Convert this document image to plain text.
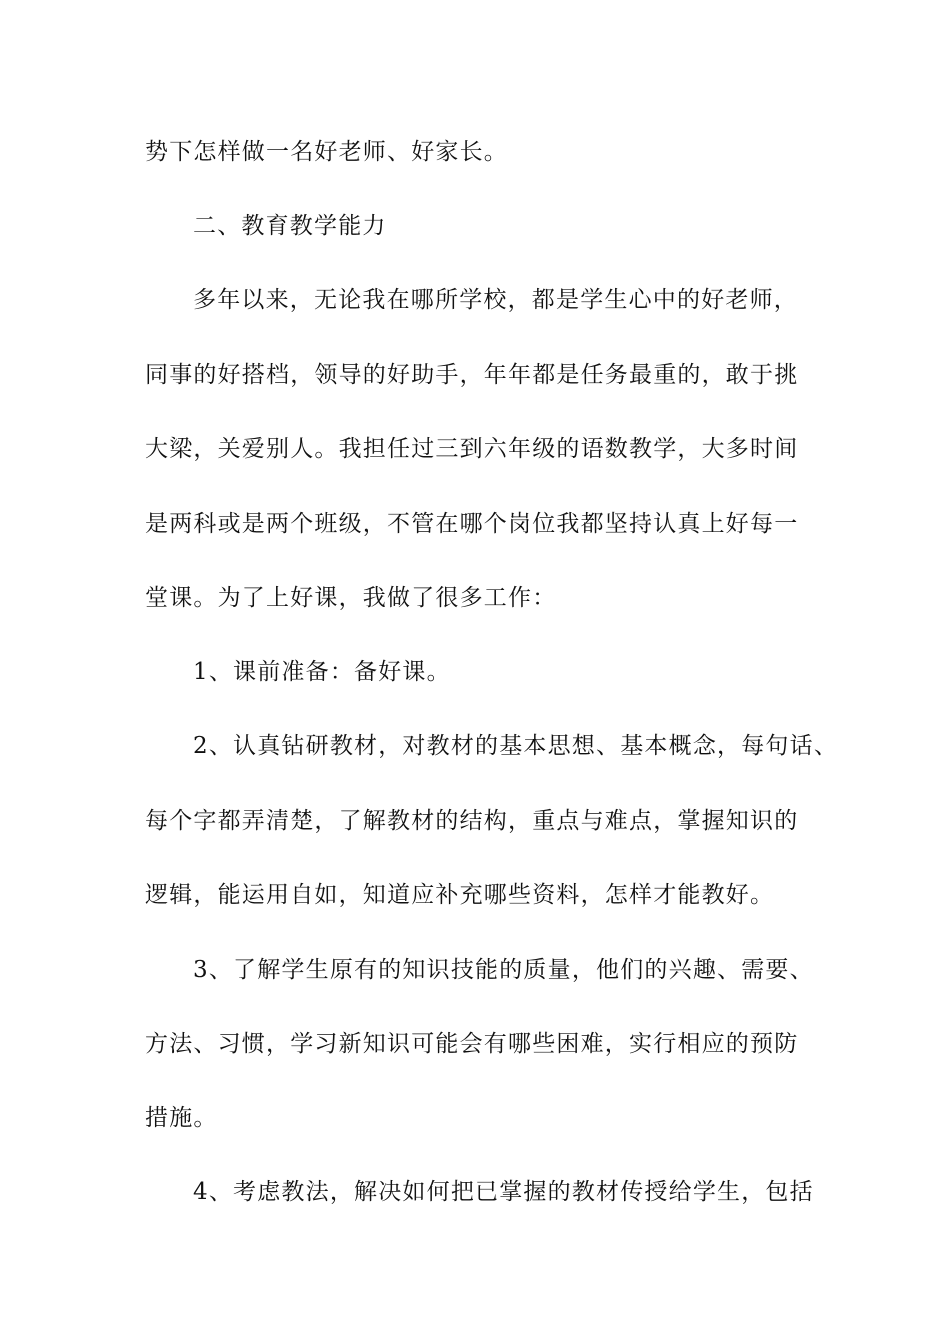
势下怎样做一名好老师、好家长。
二、教育教学能力
多年以来，无论我在哪所学校，都是学生心中的好老师，
同事的好搭档，领导的好助手，年年都是任务最重的，敢于挑
大梁，关爱别人。我担任过三到六年级的语数教学，大多时间
是两科或是两个班级，不管在哪个岗位我都坚持认真上好每一
堂课。为了上好课，我做了很多工作：
1、课前准备：备好课。
2、认真钻研教材，对教材的基本思想、基本概念，每句话、
每个字都弄清楚，了解教材的结构，重点与难点，掌握知识的
逻辑，能运用自如，知道应补充哪些资料，怎样才能教好。
3、了解学生原有的知识技能的质量，他们的兴趣、需要、
方法、习惯，学习新知识可能会有哪些困难，实行相应的预防
措施。
4、考虑教法，解决如何把已掌握的教材传授给学生，包括
